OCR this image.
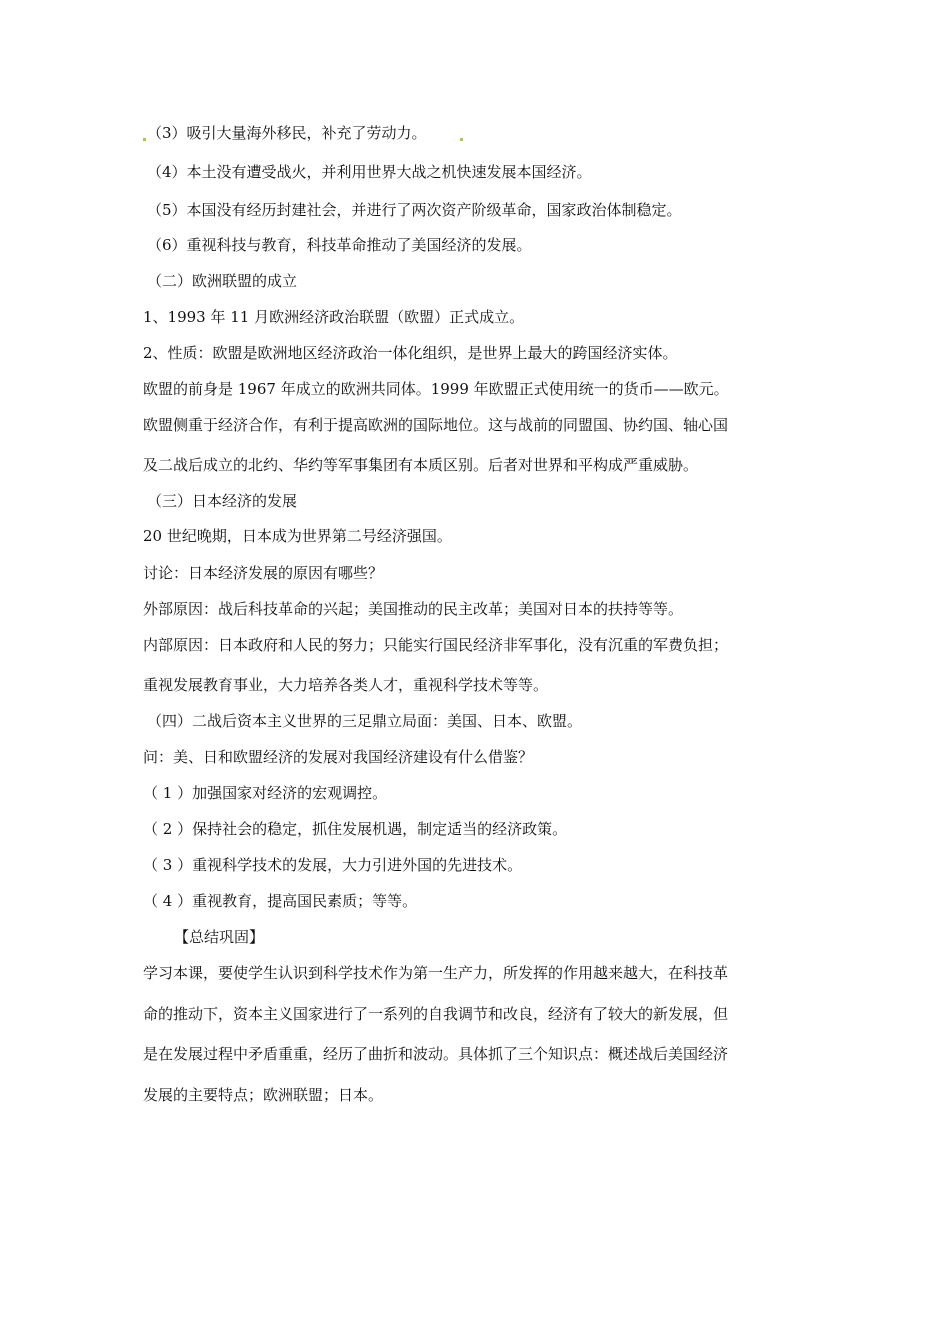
（3）吸引大量海外移民，补充了劳动力。
（4）本土没有遭受战火，并利用世界大战之机快速发展本国经济。
（5）本国没有经历封建社会，并进行了两次资产阶级革命，国家政治体制稳定。
（6）重视科技与教育，科技革命推动了美国经济的发展。
（二）欧洲联盟的成立
1、1993 年 11 月欧洲经济政治联盟（欧盟）正式成立。
2、性质：欧盟是欧洲地区经济政治一体化组织，是世界上最大的跨国经济实体。
欧盟的前身是 1967 年成立的欧洲共同体。1999 年欧盟正式使用统一的货币——欧元。
欧盟侧重于经济合作，有利于提高欧洲的国际地位。这与战前的同盟国、协约国、轴心国
及二战后成立的北约、华约等军事集团有本质区别。后者对世界和平构成严重威胁。
（三）日本经济的发展
20 世纪晚期，日本成为世界第二号经济强国。
讨论：日本经济发展的原因有哪些？
外部原因：战后科技革命的兴起；美国推动的民主改革；美国对日本的扶持等等。
内部原因：日本政府和人民的努力；只能实行国民经济非军事化，没有沉重的军费负担；
重视发展教育事业，大力培养各类人才，重视科学技术等等。
（四）二战后资本主义世界的三足鼎立局面：美国、日本、欧盟。
问：美、日和欧盟经济的发展对我国经济建设有什么借鉴？
（ 1 ）加强国家对经济的宏观调控。
（ 2 ）保持社会的稳定，抓住发展机遇，制定适当的经济政策。
（ 3 ）重视科学技术的发展，大力引进外国的先进技术。
（ 4 ）重视教育，提高国民素质；等等。
【总结巩固】
学习本课，要使学生认识到科学技术作为第一生产力，所发挥的作用越来越大，在科技革
命的推动下，资本主义国家进行了一系列的自我调节和改良，经济有了较大的新发展，但
是在发展过程中矛盾重重，经历了曲折和波动。具体抓了三个知识点：概述战后美国经济
发展的主要特点；欧洲联盟；日本。
